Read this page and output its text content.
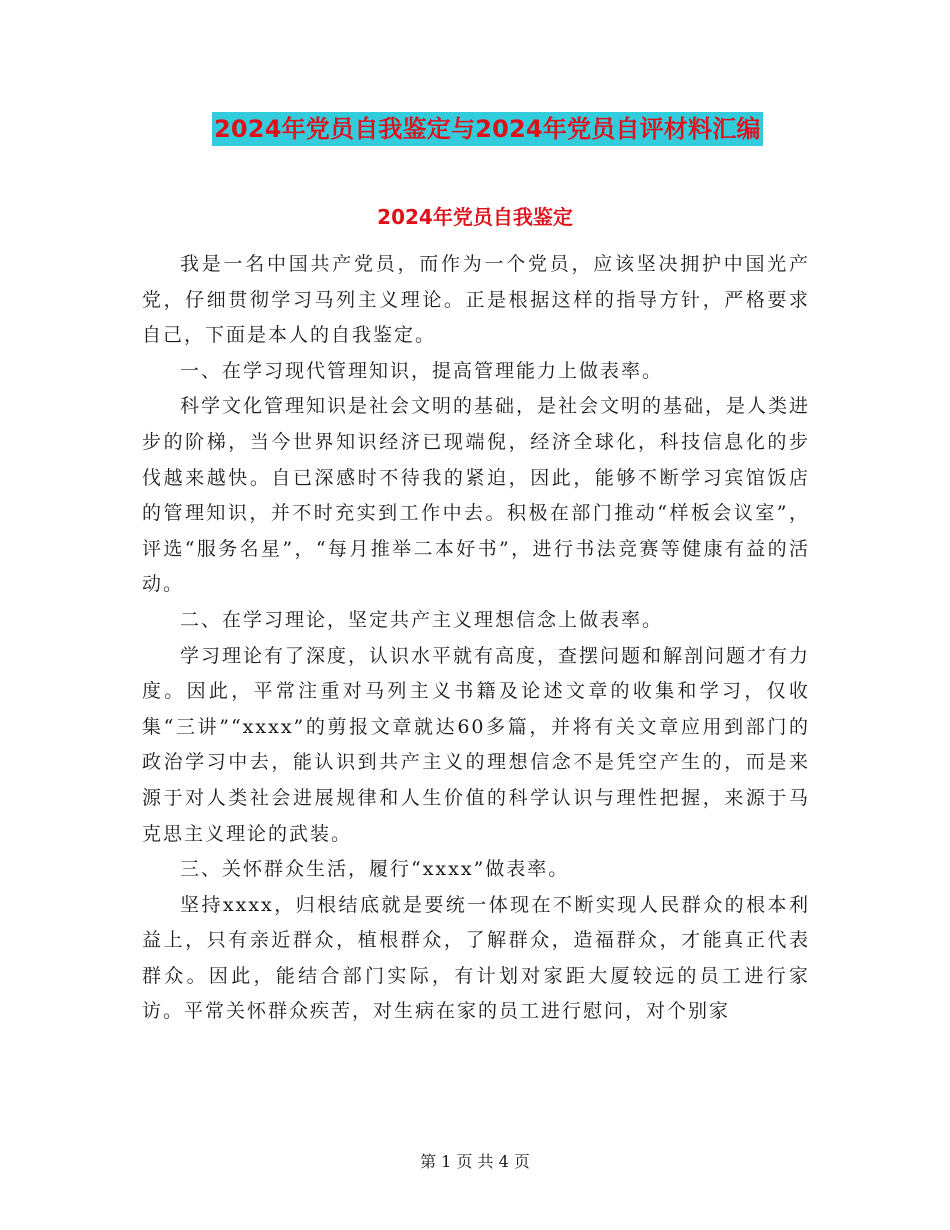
2024年党员自我鉴定与2024年党员自评材料汇编
2024年党员自我鉴定

我是一名中国共产党员，而作为一个党员，应该坚决拥护中国光产党，仔细贯彻学习马列主义理论。正是根据这样的指导方针，严格要求自己，下面是本人的自我鉴定。

一、在学习现代管理知识，提高管理能力上做表率。

科学文化管理知识是社会文明的基础，是社会文明的基础，是人类进步的阶梯，当今世界知识经济已现端倪，经济全球化，科技信息化的步伐越来越快。自已深感时不待我的紧迫，因此，能够不断学习宾馆饭店的管理知识，并不时充实到工作中去。积极在部门推动“样板会议室”，评选“服务名星”，“每月推举二本好书”，进行书法竞赛等健康有益的活动。

二、在学习理论，坚定共产主义理想信念上做表率。

学习理论有了深度，认识水平就有高度，查摆问题和解剖问题才有力度。因此，平常注重对马列主义书籍及论述文章的收集和学习，仅收集“三讲”“xxxx”的剪报文章就达60多篇，并将有关文章应用到部门的政治学习中去，能认识到共产主义的理想信念不是凭空产生的，而是来源于对人类社会进展规律和人生价值的科学认识与理性把握，来源于马克思主义理论的武装。

三、关怀群众生活，履行“xxxx”做表率。

坚持xxxx，归根结底就是要统一体现在不断实现人民群众的根本利益上，只有亲近群众，植根群众，了解群众，造福群众，才能真正代表群众。因此，能结合部门实际，有计划对家距大厦较远的员工进行家访。平常关怀群众疾苦，对生病在家的员工进行慰问，对个别家

第 1 页 共 4 页
